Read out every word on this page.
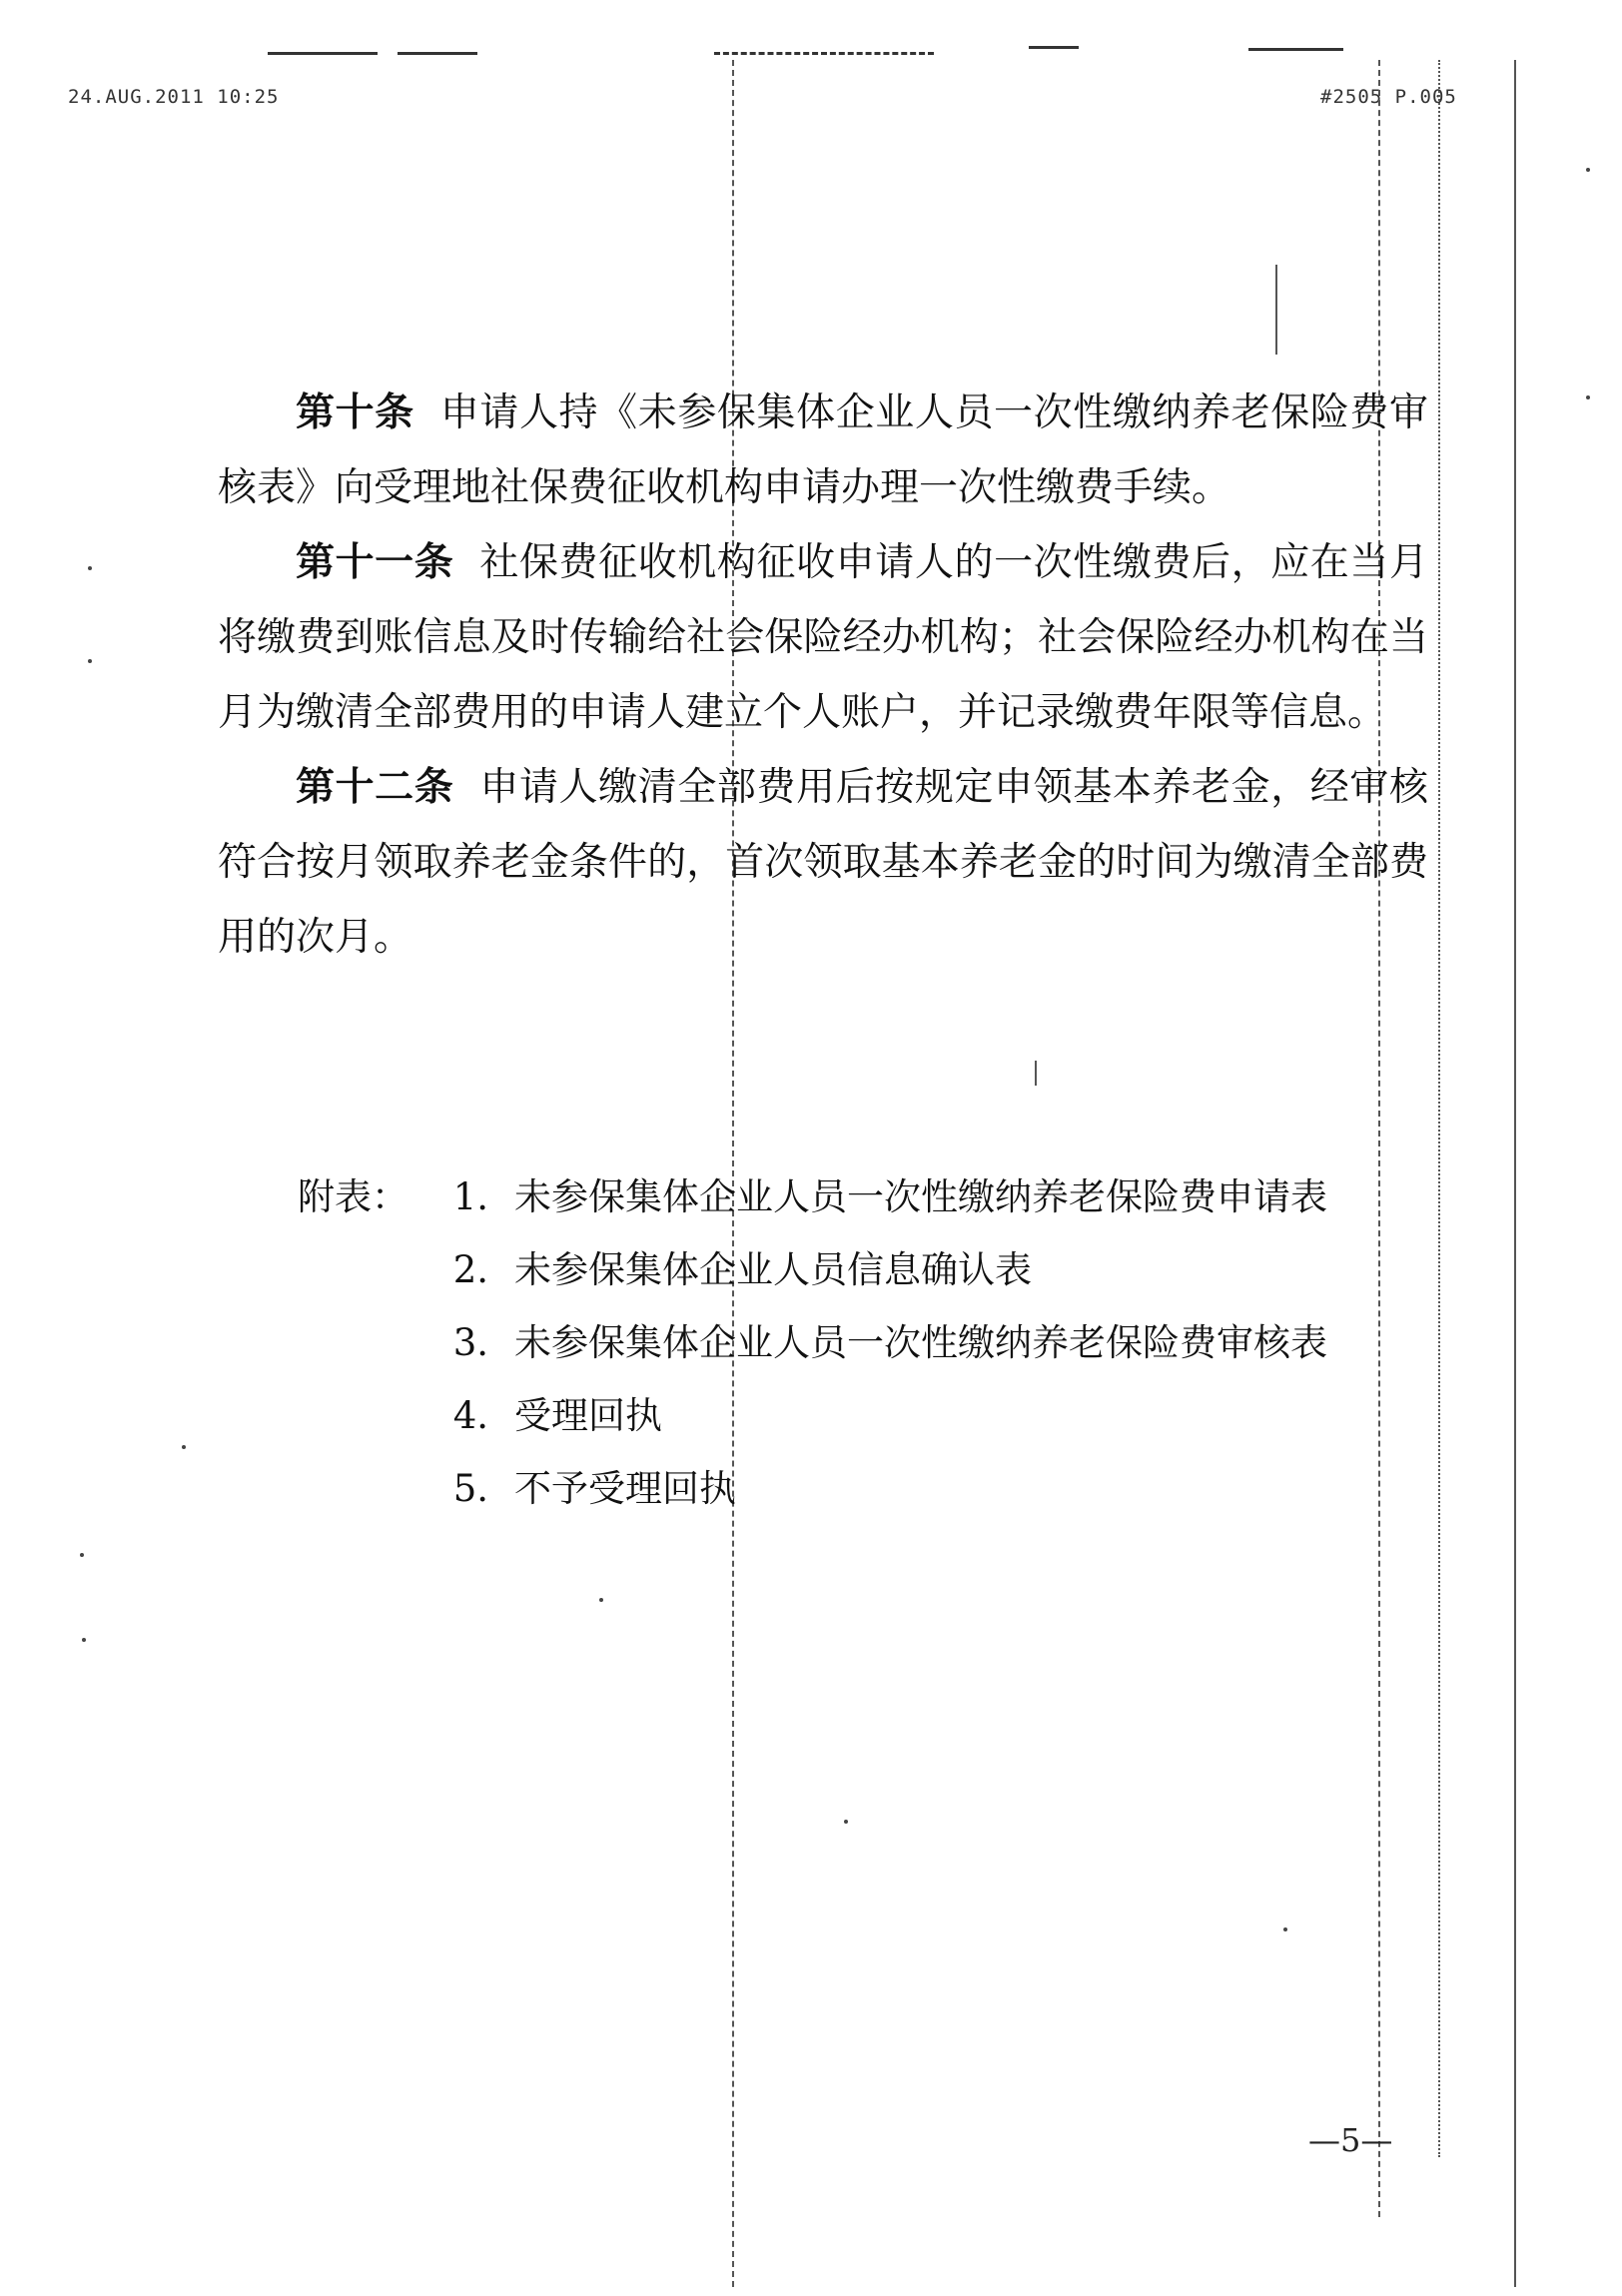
24.AUG.2011 10:25	#2505 P.005

第十条 申请人持《未参保集体企业人员一次性缴纳养老保险费审核表》向受理地社保费征收机构申请办理一次性缴费手续。

第十一条 社保费征收机构征收申请人的一次性缴费后，应在当月将缴费到账信息及时传输给社会保险经办机构；社会保险经办机构在当月为缴清全部费用的申请人建立个人账户，并记录缴费年限等信息。

第十二条 申请人缴清全部费用后按规定申领基本养老金，经审核符合按月领取养老金条件的，首次领取基本养老金的时间为缴清全部费用的次月。

附表：	1. 未参保集体企业人员一次性缴纳养老保险费申请表
2. 未参保集体企业人员信息确认表
3. 未参保集体企业人员一次性缴纳养老保险费审核表
4. 受理回执
5. 不予受理回执
—5—
